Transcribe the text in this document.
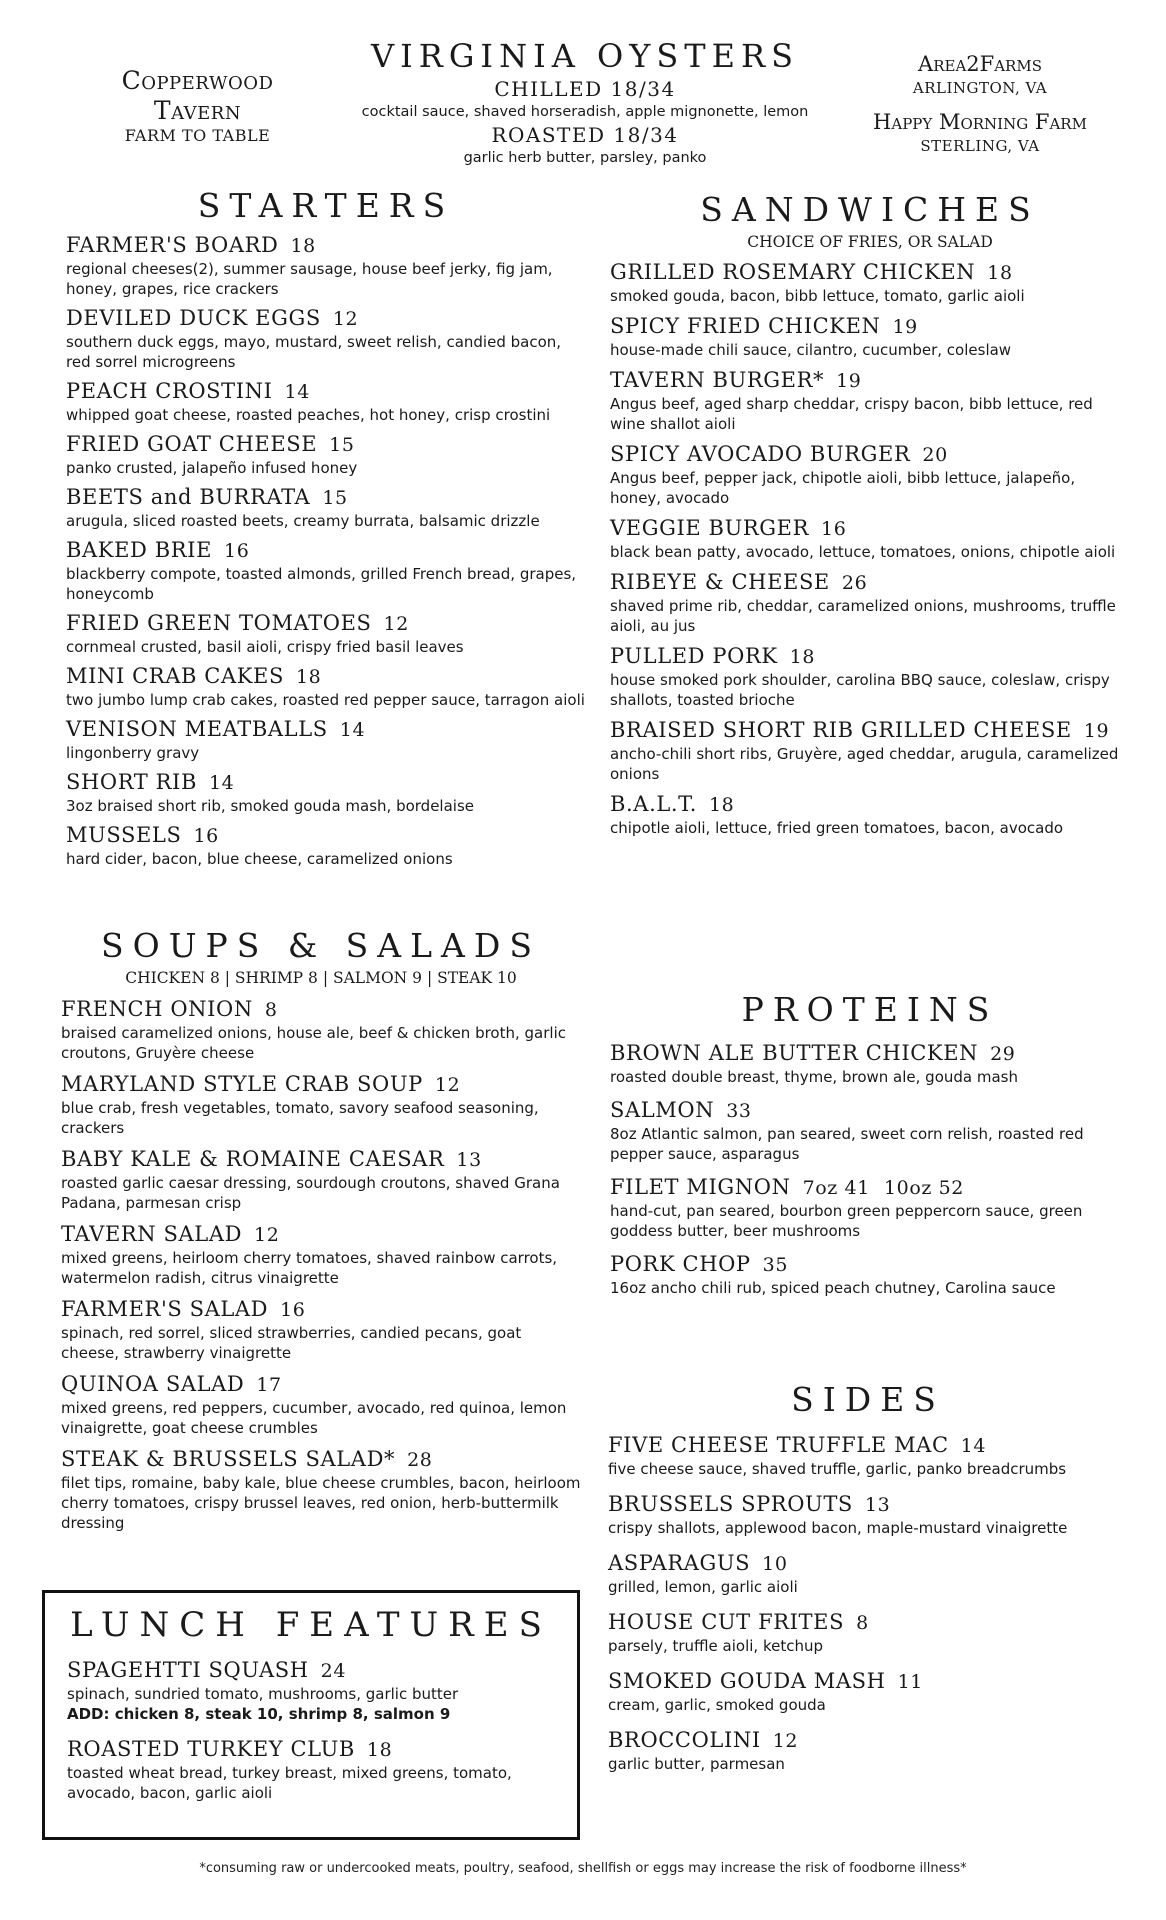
Copperwood
Tavern
FARM TO TABLE
VIRGINIA OYSTERS
CHILLED 18/34
cocktail sauce, shaved horseradish, apple mignonette, lemon
ROASTED 18/34
garlic herb butter, parsley, panko
Area2Farms
ARLINGTON, VA
Happy Morning Farm
STERLING, VA
STARTERS
FARMER'S BOARD 18
regional cheeses(2), summer sausage, house beef jerky, fig jam, honey, grapes, rice crackers
DEVILED DUCK EGGS 12
southern duck eggs, mayo, mustard, sweet relish, candied bacon, red sorrel microgreens
PEACH CROSTINI 14
whipped goat cheese, roasted peaches, hot honey, crisp crostini
FRIED GOAT CHEESE 15
panko crusted, jalapeño infused honey
BEETS and BURRATA 15
arugula, sliced roasted beets, creamy burrata, balsamic drizzle
BAKED BRIE 16
blackberry compote, toasted almonds, grilled French bread, grapes, honeycomb
FRIED GREEN TOMATOES 12
cornmeal crusted, basil aioli, crispy fried basil leaves
MINI CRAB CAKES 18
two jumbo lump crab cakes, roasted red pepper sauce, tarragon aioli
VENISON MEATBALLS 14
lingonberry gravy
SHORT RIB 14
3oz braised short rib, smoked gouda mash, bordelaise
MUSSELS 16
hard cider, bacon, blue cheese, caramelized onions
SOUPS & SALADS
CHICKEN 8 | SHRIMP 8 | SALMON 9 | STEAK 10
FRENCH ONION 8
braised caramelized onions, house ale, beef & chicken broth, garlic croutons, Gruyère cheese
MARYLAND STYLE CRAB SOUP 12
blue crab, fresh vegetables, tomato, savory seafood seasoning, crackers
BABY KALE & ROMAINE CAESAR 13
roasted garlic caesar dressing, sourdough croutons, shaved Grana Padana, parmesan crisp
TAVERN SALAD 12
mixed greens, heirloom cherry tomatoes, shaved rainbow carrots, watermelon radish, citrus vinaigrette
FARMER'S SALAD 16
spinach, red sorrel, sliced strawberries, candied pecans, goat cheese, strawberry vinaigrette
QUINOA SALAD 17
mixed greens, red peppers, cucumber, avocado, red quinoa, lemon vinaigrette, goat cheese crumbles
STEAK & BRUSSELS SALAD* 28
filet tips, romaine, baby kale, blue cheese crumbles, bacon, heirloom cherry tomatoes, crispy brussel leaves, red onion, herb-buttermilk dressing
SANDWICHES
CHOICE OF FRIES, OR SALAD
GRILLED ROSEMARY CHICKEN 18
smoked gouda, bacon, bibb lettuce, tomato, garlic aioli
SPICY FRIED CHICKEN 19
house-made chili sauce, cilantro, cucumber, coleslaw
TAVERN BURGER* 19
Angus beef, aged sharp cheddar, crispy bacon, bibb lettuce, red wine shallot aioli
SPICY AVOCADO BURGER 20
Angus beef, pepper jack, chipotle aioli, bibb lettuce, jalapeño, honey, avocado
VEGGIE BURGER 16
black bean patty, avocado, lettuce, tomatoes, onions, chipotle aioli
RIBEYE & CHEESE 26
shaved prime rib, cheddar, caramelized onions, mushrooms, truffle aioli, au jus
PULLED PORK 18
house smoked pork shoulder, carolina BBQ sauce, coleslaw, crispy shallots, toasted brioche
BRAISED SHORT RIB GRILLED CHEESE 19
ancho-chili short ribs, Gruyère, aged cheddar, arugula, caramelized onions
B.A.L.T. 18
chipotle aioli, lettuce, fried green tomatoes, bacon, avocado
PROTEINS
BROWN ALE BUTTER CHICKEN 29
roasted double breast, thyme, brown ale, gouda mash
SALMON 33
8oz Atlantic salmon, pan seared, sweet corn relish, roasted red pepper sauce, asparagus
FILET MIGNON 7oz 41 10oz 52
hand-cut, pan seared, bourbon green peppercorn sauce, green goddess butter, beer mushrooms
PORK CHOP 35
16oz ancho chili rub, spiced peach chutney, Carolina sauce
SIDES
FIVE CHEESE TRUFFLE MAC 14
five cheese sauce, shaved truffle, garlic, panko breadcrumbs
BRUSSELS SPROUTS 13
crispy shallots, applewood bacon, maple-mustard vinaigrette
ASPARAGUS 10
grilled, lemon, garlic aioli
HOUSE CUT FRITES 8
parsely, truffle aioli, ketchup
SMOKED GOUDA MASH 11
cream, garlic, smoked gouda
BROCCOLINI 12
garlic butter, parmesan
LUNCH FEATURES
SPAGEHTTI SQUASH 24
spinach, sundried tomato, mushrooms, garlic butter
ADD: chicken 8, steak 10, shrimp 8, salmon 9
ROASTED TURKEY CLUB 18
toasted wheat bread, turkey breast, mixed greens, tomato, avocado, bacon, garlic aioli
*consuming raw or undercooked meats, poultry, seafood, shellfish or eggs may increase the risk of foodborne illness*
